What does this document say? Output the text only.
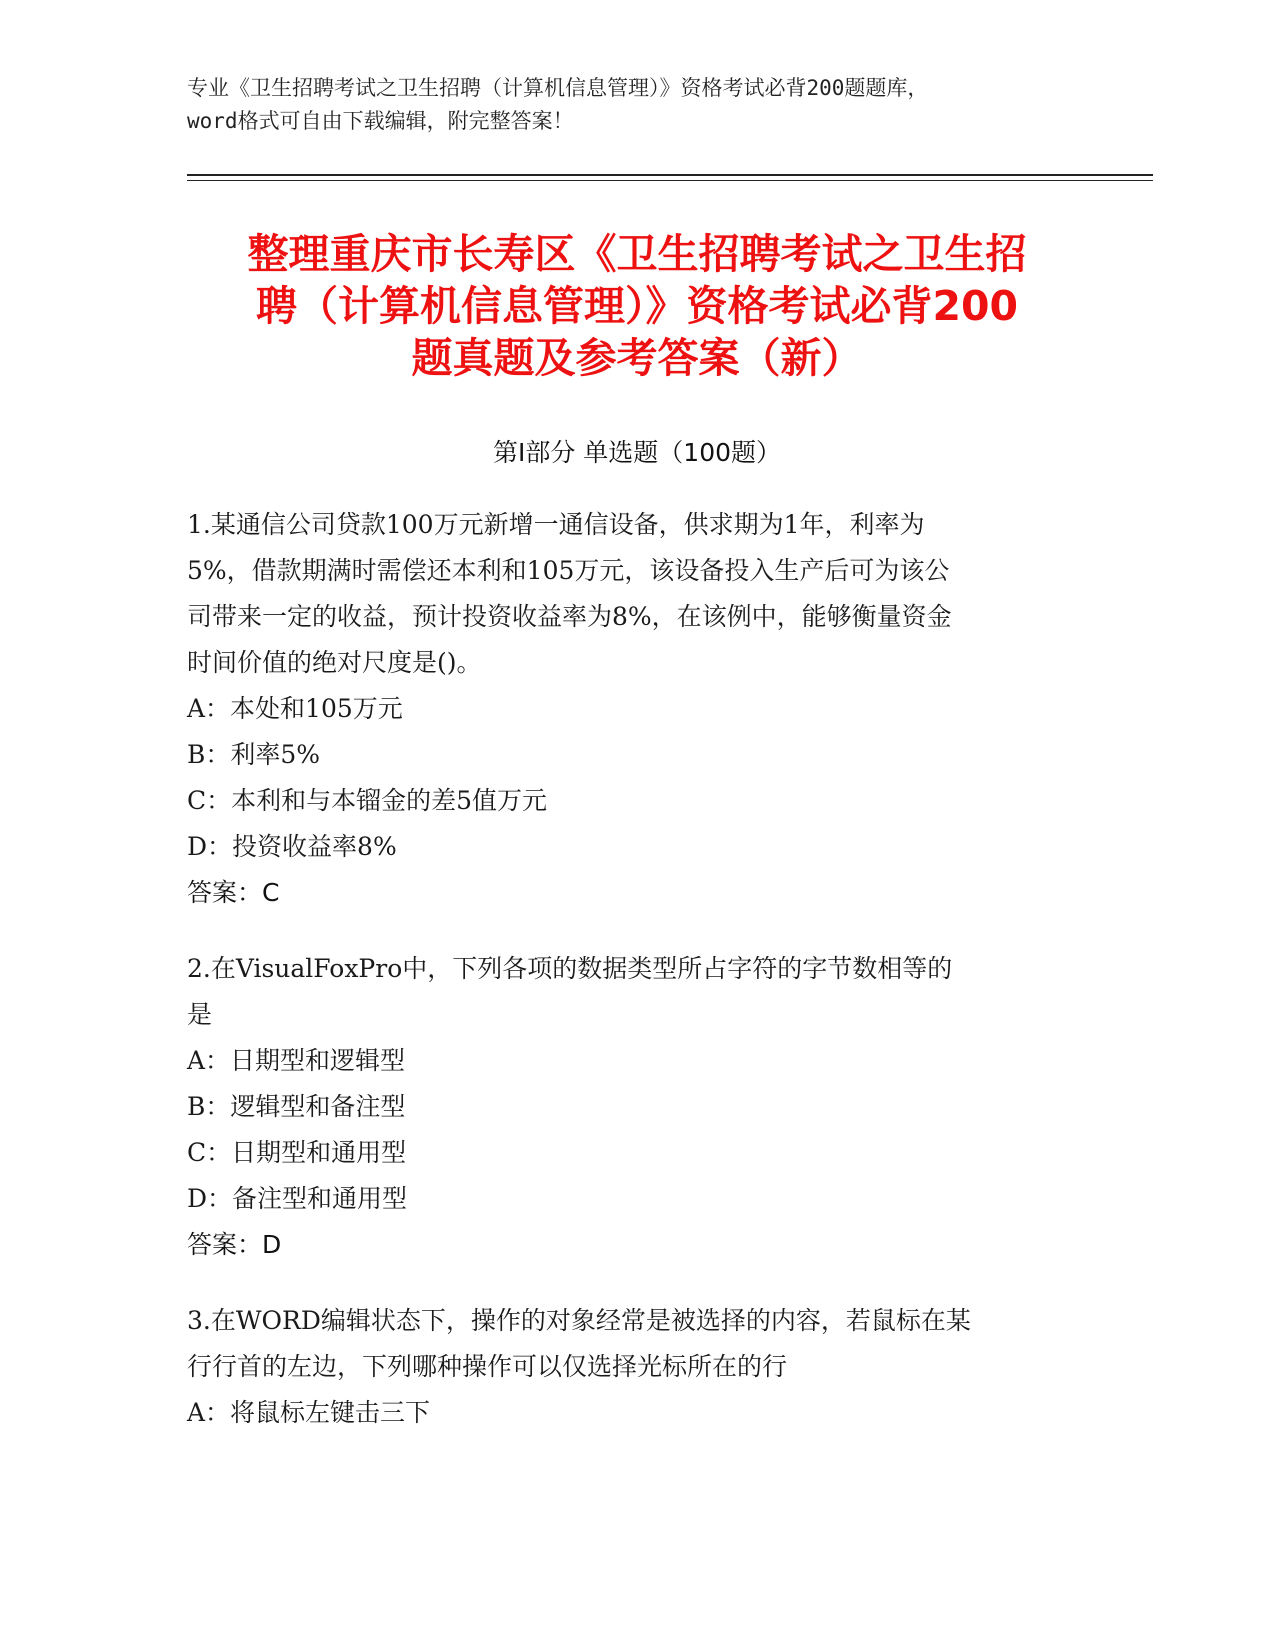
专业《卫生招聘考试之卫生招聘（计算机信息管理）》资格考试必背200题题库，
word格式可自由下载编辑，附完整答案！
整理重庆市长寿区《卫生招聘考试之卫生招
聘（计算机信息管理）》资格考试必背200
题真题及参考答案（新）
第Ⅰ部分 单选题（100题）
1.某通信公司贷款100万元新增一通信设备，供求期为1年，利率为
5%，借款期满时需偿还本利和105万元，该设备投入生产后可为该公
司带来一定的收益，预计投资收益率为8%，在该例中，能够衡量资金
时间价值的绝对尺度是()。
A：本处和105万元
B：利率5%
C：本利和与本镏金的差5值万元
D：投资收益率8%
答案：C
2.在VisualFoxPro中，下列各项的数据类型所占字符的字节数相等的
是
A：日期型和逻辑型
B：逻辑型和备注型
C：日期型和通用型
D：备注型和通用型
答案：D
3.在WORD编辑状态下，操作的对象经常是被选择的内容，若鼠标在某
行行首的左边，下列哪种操作可以仅选择光标所在的行
A：将鼠标左键击三下
